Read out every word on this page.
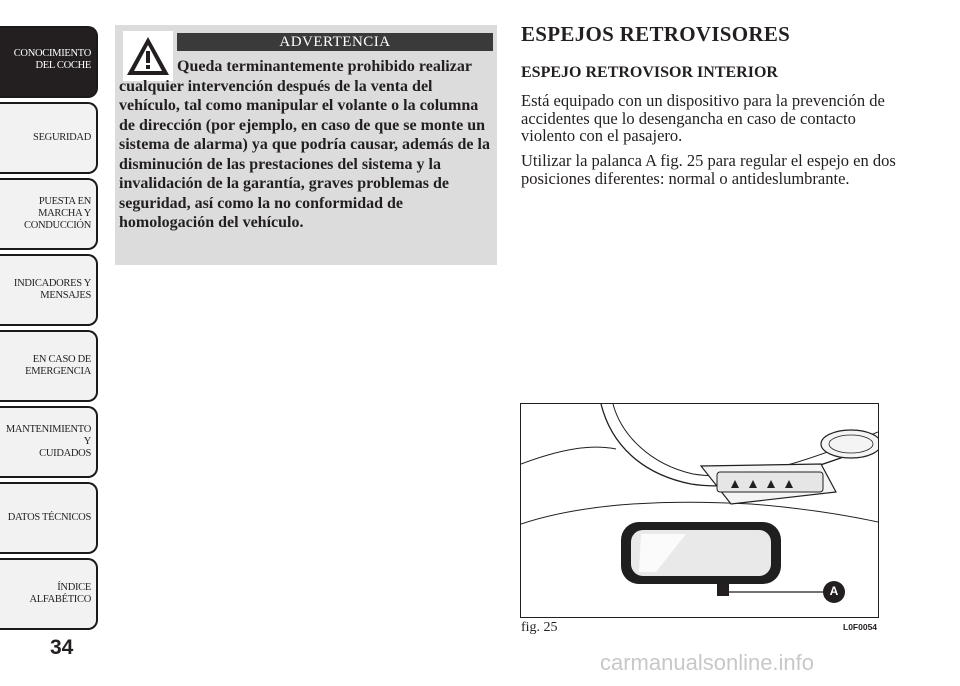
CONOCIMIENTO
DEL COCHE
SEGURIDAD
PUESTA EN
MARCHA Y
CONDUCCIÓN
INDICADORES Y
MENSAJES
EN CASO DE
EMERGENCIA
MANTENIMIENTO Y
CUIDADOS
DATOS TÉCNICOS
ÍNDICE
ALFABÉTICO
34
ADVERTENCIA
Queda terminantemente prohibido realizar cualquier intervención después de la venta del vehículo, tal como manipular el volante o la columna de dirección (por ejemplo, en caso de que se monte un sistema de alarma) ya que podría causar, además de la disminución de las prestaciones del sistema y la invalidación de la garantía, graves problemas de seguridad, así como la no conformidad de homologación del vehículo.
ESPEJOS RETROVISORES
ESPEJO RETROVISOR INTERIOR

Está equipado con un dispositivo para la prevención de accidentes que lo desengancha en caso de contacto violento con el pasajero.

Utilizar la palanca A fig. 25 para regular el espejo en dos posiciones diferentes: normal o antideslumbrante.

A
fig. 25	L0F0054
carmanualsonline.info
